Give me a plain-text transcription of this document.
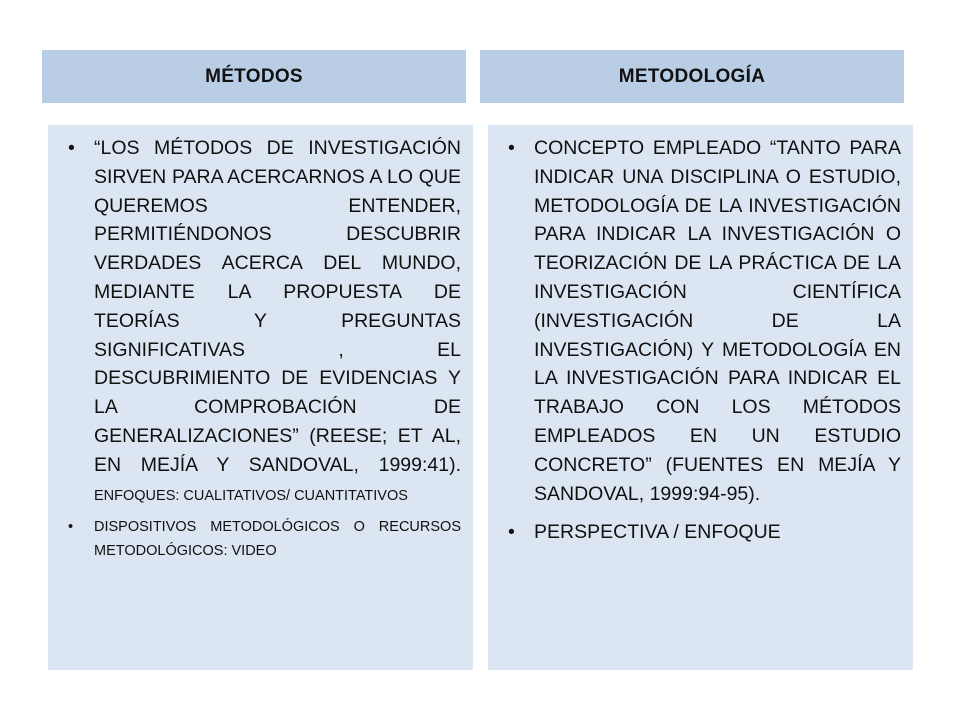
MÉTODOS	METODOLOGÍA
• “LOS MÉTODOS DE INVESTIGACIÓN SIRVEN PARA ACERCARNOS A LO QUE QUEREMOS ENTENDER, PERMITIÉNDONOS DESCUBRIR VERDADES ACERCA DEL MUNDO, MEDIANTE LA PROPUESTA DE TEORÍAS Y PREGUNTAS SIGNIFICATIVAS , EL DESCUBRIMIENTO DE EVIDENCIAS Y LA COMPROBACIÓN DE GENERALIZACIONES” (REESE; ET AL, EN MEJÍA Y SANDOVAL, 1999:41). ENFOQUES: CUALITATIVOS/ CUANTITATIVOS
• DISPOSITIVOS METODOLÓGICOS O RECURSOS METODOLÓGICOS: VIDEO
• CONCEPTO EMPLEADO “TANTO PARA INDICAR UNA DISCIPLINA O ESTUDIO, METODOLOGÍA DE LA INVESTIGACIÓN PARA INDICAR LA INVESTIGACIÓN O TEORIZACIÓN DE LA PRÁCTICA DE LA INVESTIGACIÓN CIENTÍFICA (INVESTIGACIÓN DE LA INVESTIGACIÓN) Y METODOLOGÍA EN LA INVESTIGACIÓN PARA INDICAR EL TRABAJO CON LOS MÉTODOS EMPLEADOS EN UN ESTUDIO CONCRETO” (FUENTES EN MEJÍA Y SANDOVAL, 1999:94-95).
• PERSPECTIVA / ENFOQUE
